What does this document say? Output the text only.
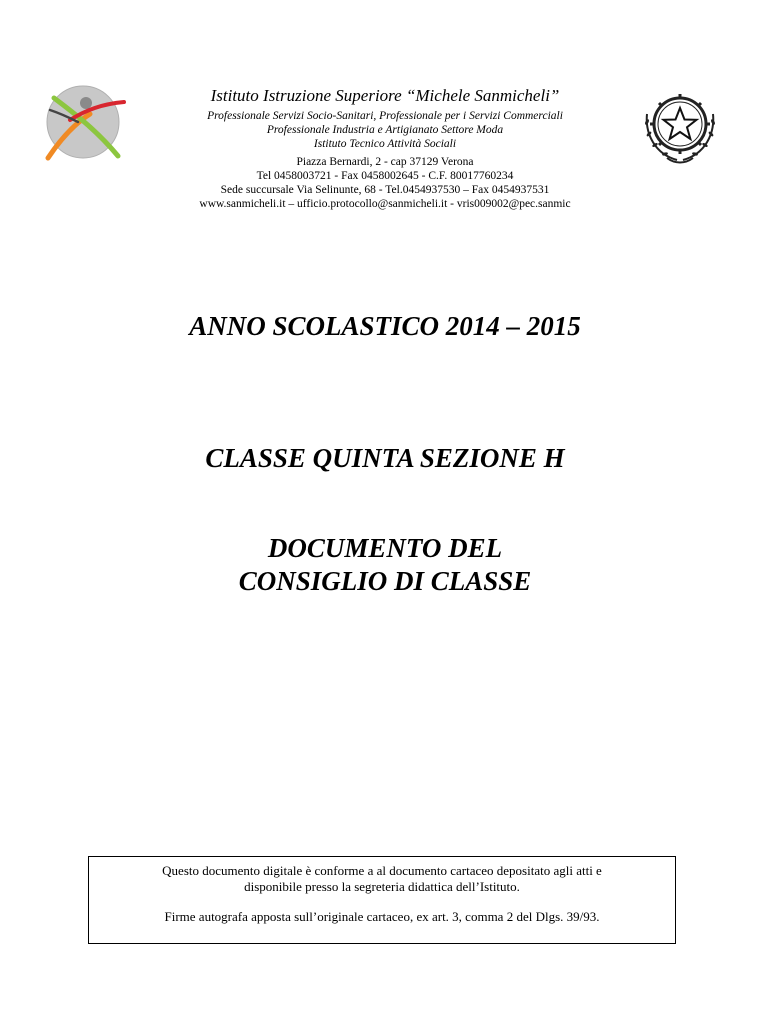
Istituto Istruzione Superiore “Michele Sanmicheli”

Professionale Servizi Socio-Sanitari, Professionale per i Servizi Commerciali

Professionale Industria e Artigianato Settore Moda

Istituto Tecnico Attività Sociali

Piazza Bernardi, 2 - cap 37129 Verona

Tel 0458003721 - Fax 0458002645 - C.F. 80017760234

Sede succursale Via Selinunte, 68 - Tel.0454937530 – Fax 0454937531

www.sanmicheli.it – ufficio.protocollo@sanmicheli.it - vris009002@pec.sanmic

ANNO SCOLASTICO 2014 – 2015

CLASSE QUINTA SEZIONE H

DOCUMENTO DEL

CONSIGLIO DI CLASSE

Questo documento digitale è conforme a al documento cartaceo depositato agli atti e

disponibile presso la segreteria didattica dell’Istituto.

Firme autografa apposta sull’originale cartaceo, ex art. 3, comma 2 del Dlgs. 39/93.
